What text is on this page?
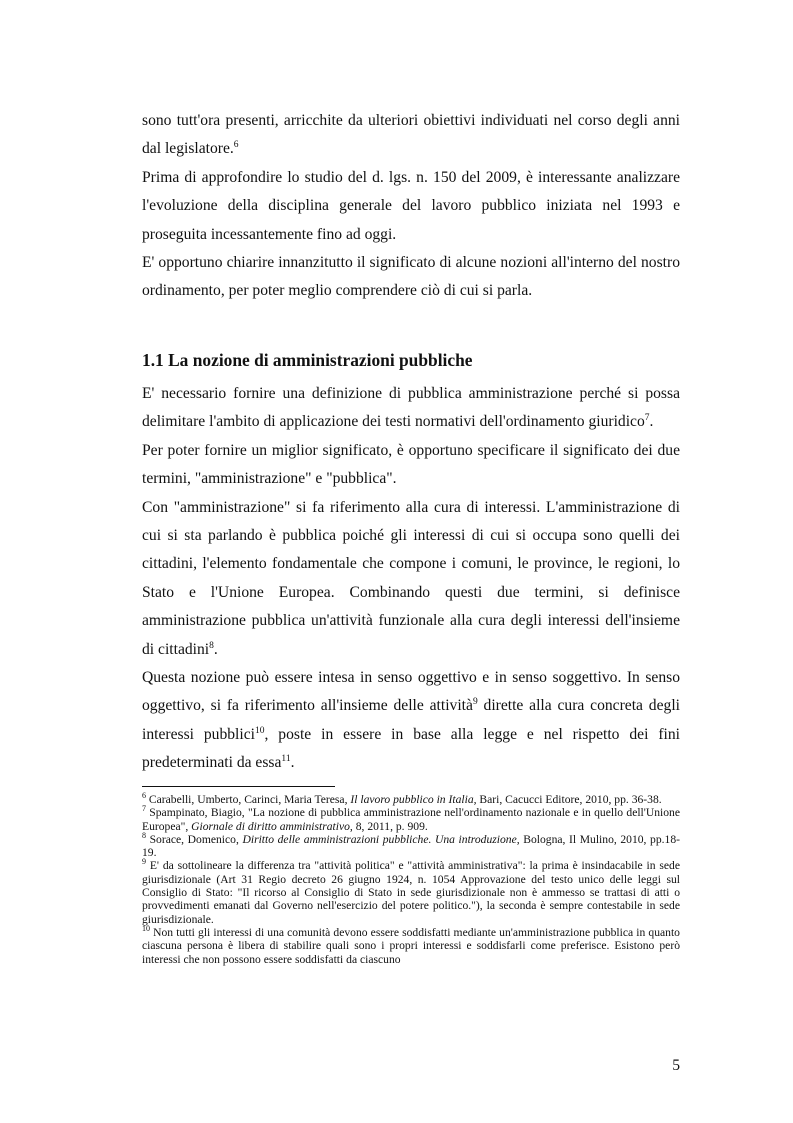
sono tutt'ora presenti, arricchite da ulteriori obiettivi individuati nel corso degli anni dal legislatore.$^6$

Prima di approfondire lo studio del d. lgs. n. 150 del 2009, è interessante analizzare l'evoluzione della disciplina generale del lavoro pubblico iniziata nel 1993 e proseguita incessantemente fino ad oggi.

E' opportuno chiarire innanzitutto il significato di alcune nozioni all'interno del nostro ordinamento, per poter meglio comprendere ciò di cui si parla.

1.1 La nozione di amministrazioni pubbliche

E' necessario fornire una definizione di pubblica amministrazione perché si possa delimitare l'ambito di applicazione dei testi normativi dell'ordinamento giuridico$^7$.

Per poter fornire un miglior significato, è opportuno specificare il significato dei due termini, "amministrazione" e "pubblica".

Con "amministrazione" si fa riferimento alla cura di interessi. L'amministrazione di cui si sta parlando è pubblica poiché gli interessi di cui si occupa sono quelli dei cittadini, l'elemento fondamentale che compone i comuni, le province, le regioni, lo Stato e l'Unione Europea. Combinando questi due termini, si definisce amministrazione pubblica un'attività funzionale alla cura degli interessi dell'insieme di cittadini$^8$.

Questa nozione può essere intesa in senso oggettivo e in senso soggettivo. In senso oggettivo, si fa riferimento all'insieme delle attività$^9$ dirette alla cura concreta degli interessi pubblici$^{10}$, poste in essere in base alla legge e nel rispetto dei fini predeterminati da essa$^{11}$.

$^6$ Carabelli, Umberto, Carinci, Maria Teresa, Il lavoro pubblico in Italia, Bari, Cacucci Editore, 2010, pp. 36-38.

$^7$ Spampinato, Biagio, "La nozione di pubblica amministrazione nell'ordinamento nazionale e in quello dell'Unione Europea", Giornale di diritto amministrativo, 8, 2011, p. 909.

$^8$ Sorace, Domenico, Diritto delle amministrazioni pubbliche. Una introduzione, Bologna, Il Mulino, 2010, pp.18-19.

$^9$ E' da sottolineare la differenza tra "attività politica" e "attività amministrativa": la prima è insindacabile in sede giurisdizionale (Art 31 Regio decreto 26 giugno 1924, n. 1054 Approvazione del testo unico delle leggi sul Consiglio di Stato: "Il ricorso al Consiglio di Stato in sede giurisdizionale non è ammesso se trattasi di atti o provvedimenti emanati dal Governo nell'esercizio del potere politico."), la seconda è sempre contestabile in sede giurisdizionale.

$^{10}$ Non tutti gli interessi di una comunità devono essere soddisfatti mediante un'amministrazione pubblica in quanto ciascuna persona è libera di stabilire quali sono i propri interessi e soddisfarli come preferisce. Esistono però interessi che non possono essere soddisfatti da ciascuno

5
